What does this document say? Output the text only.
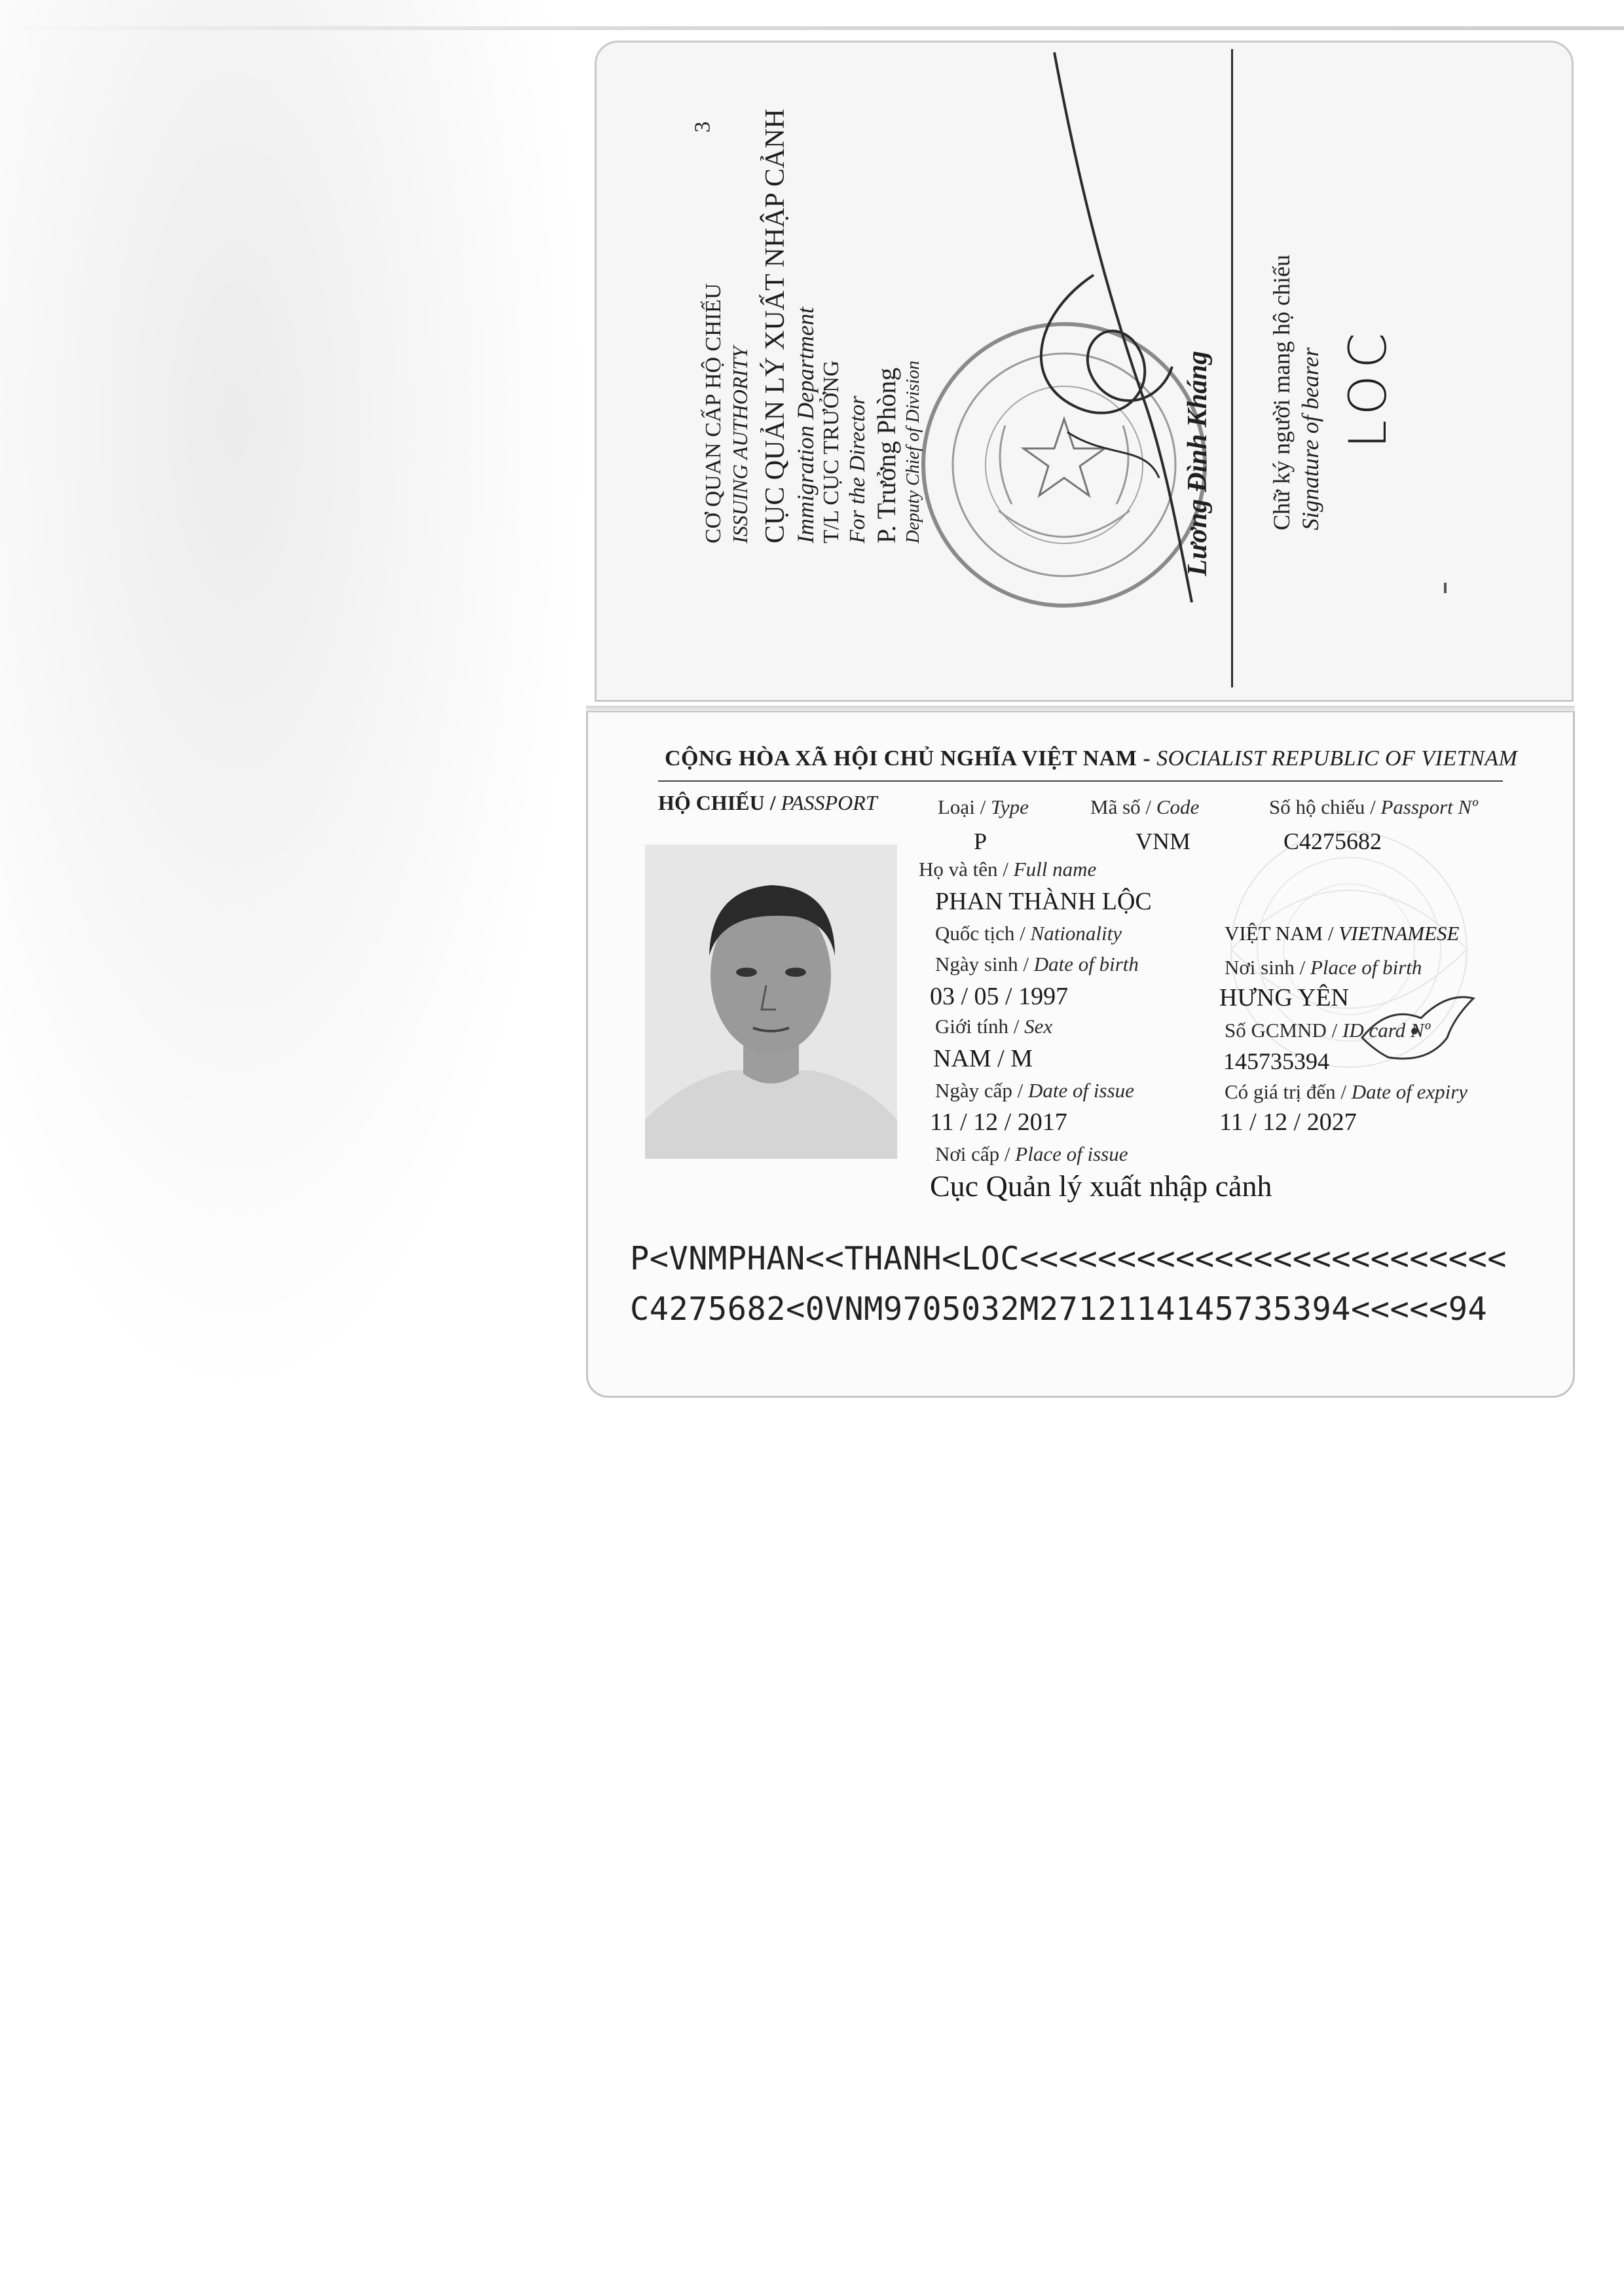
3
CƠ QUAN CẤP HỘ CHIẾU ISSUING AUTHORITY CỤC QUẢN LÝ XUẤT NHẬP CẢNH Immigration Department T/L CỤC TRƯỞNG For the Director P. Trưởng Phòng Deputy Chief of Division	Lương Đình Kháng Chữ ký người mang hộ chiếu Signature of bearer LOC
CỘNG HÒA XÃ HỘI CHỦ NGHĨA VIỆT NAM - SOCIALIST REPUBLIC OF VIETNAM
HỘ CHIẾU / PASSPORT	Loại / Type	Mã số / Code	Số hộ chiếu / Passport Nº
P	VNM	C4275682
Họ và tên / Full name
PHAN THÀNH LỘC
Quốc tịch / Nationality	VIỆT NAM / VIETNAMESE
Ngày sinh / Date of birth	Nơi sinh / Place of birth
03 / 05 / 1997	HƯNG YÊN
Giới tính / Sex	Số GCMND / ID card Nº
NAM / M	145735394
Ngày cấp / Date of issue	Có giá trị đến / Date of expiry
11 / 12 / 2017	11 / 12 / 2027
Nơi cấp / Place of issue
Cục Quản lý xuất nhập cảnh
P<VNMPHAN<<THANH<LOC<<<<<<<<<<<<<<<<<<<<<<<<<
C4275682<0VNM9705032M2712114145735394<<<<<94
